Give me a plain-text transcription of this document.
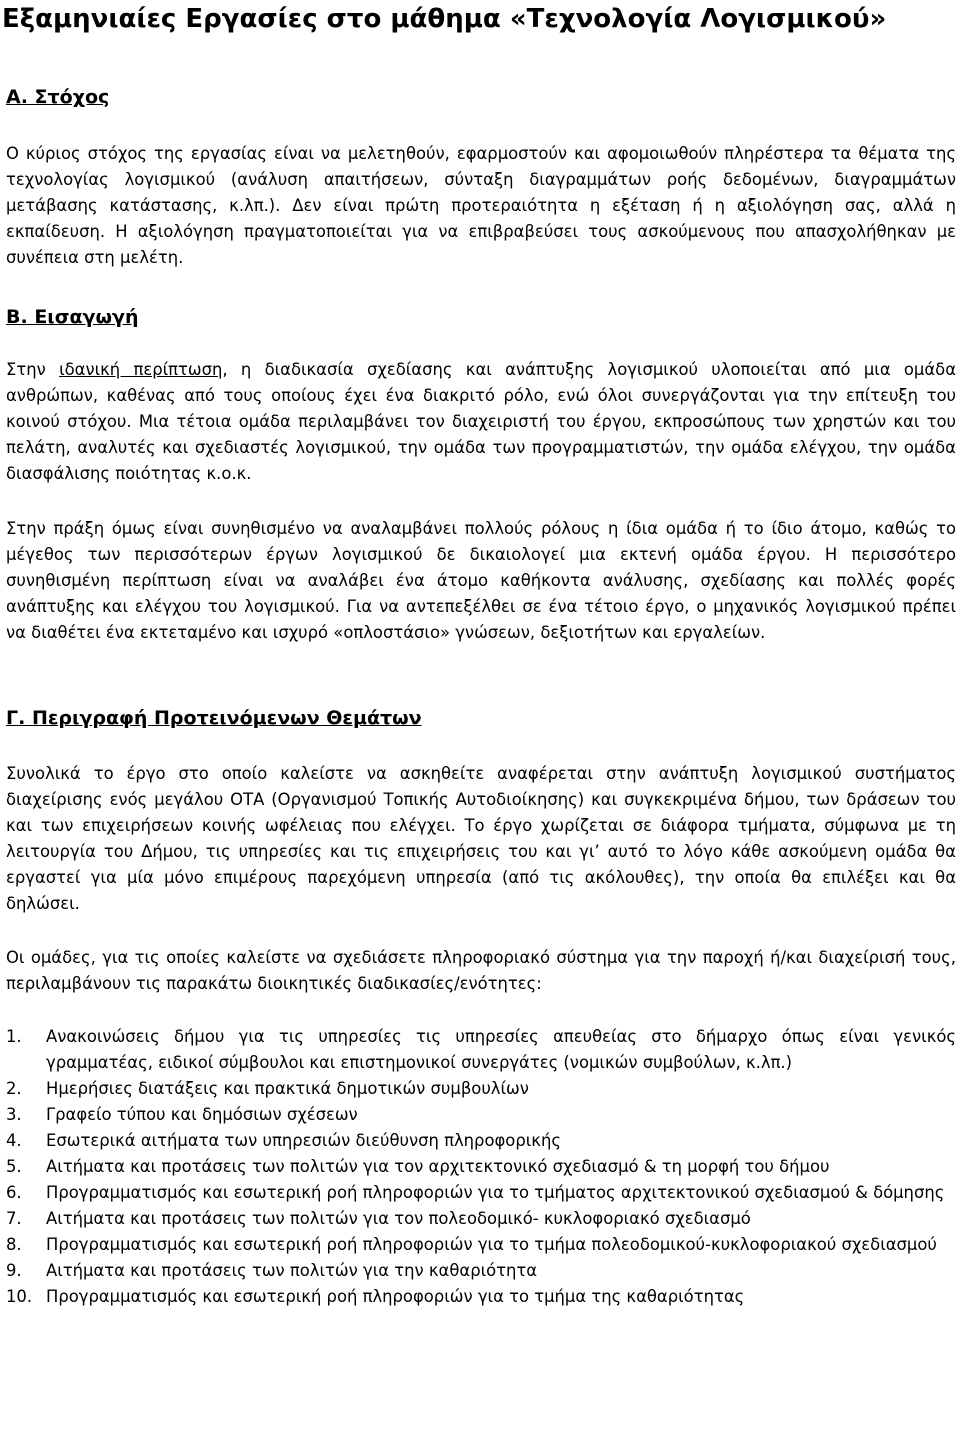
Εξαμηνιαίες Εργασίες στο μάθημα «Τεχνολογία Λογισμικού»
Α. Στόχος
Ο κύριος στόχος της εργασίας είναι να μελετηθούν, εφαρμοστούν και αφομοιωθούν πληρέστερα τα θέματα της τεχνολογίας λογισμικού (ανάλυση απαιτήσεων, σύνταξη διαγραμμάτων ροής δεδομένων, διαγραμμάτων μετάβασης κατάστασης, κ.λπ.). Δεν είναι πρώτη προτεραιότητα η εξέταση ή η αξιολόγηση σας, αλλά η εκπαίδευση. Η αξιολόγηση πραγματοποιείται για να επιβραβεύσει τους ασκούμενους που απασχολήθηκαν με συνέπεια στη μελέτη.
Β. Εισαγωγή
Στην ιδανική περίπτωση, η διαδικασία σχεδίασης και ανάπτυξης λογισμικού υλοποιείται από μια ομάδα ανθρώπων, καθένας από τους οποίους έχει ένα διακριτό ρόλο, ενώ όλοι συνεργάζονται για την επίτευξη του κοινού στόχου. Μια τέτοια ομάδα περιλαμβάνει τον διαχειριστή του έργου, εκπροσώπους των χρηστών και του πελάτη, αναλυτές και σχεδιαστές λογισμικού, την ομάδα των προγραμματιστών, την ομάδα ελέγχου, την ομάδα διασφάλισης ποιότητας κ.ο.κ.
Στην πράξη όμως είναι συνηθισμένο να αναλαμβάνει πολλούς ρόλους η ίδια ομάδα ή το ίδιο άτομο, καθώς το μέγεθος των περισσότερων έργων λογισμικού δε δικαιολογεί μια εκτενή ομάδα έργου. Η περισσότερο συνηθισμένη περίπτωση είναι να αναλάβει ένα άτομο καθήκοντα ανάλυσης, σχεδίασης και πολλές φορές ανάπτυξης και ελέγχου του λογισμικού. Για να αντεπεξέλθει σε ένα τέτοιο έργο, ο μηχανικός λογισμικού πρέπει να διαθέτει ένα εκτεταμένο και ισχυρό «οπλοστάσιο» γνώσεων, δεξιοτήτων και εργαλείων.
Γ. Περιγραφή Προτεινόμενων Θεμάτων
Συνολικά το έργο στο οποίο καλείστε να ασκηθείτε αναφέρεται στην ανάπτυξη λογισμικού συστήματος διαχείρισης ενός μεγάλου ΟΤΑ (Οργανισμού Τοπικής Αυτοδιοίκησης) και συγκεκριμένα δήμου, των δράσεων του και των επιχειρήσεων κοινής ωφέλειας που ελέγχει. Το έργο χωρίζεται σε διάφορα τμήματα, σύμφωνα με τη λειτουργία του Δήμου, τις υπηρεσίες και τις επιχειρήσεις του και γι’ αυτό το λόγο κάθε ασκούμενη ομάδα θα εργαστεί για μία μόνο επιμέρους παρεχόμενη υπηρεσία (από τις ακόλουθες), την οποία θα επιλέξει και θα δηλώσει.
Οι ομάδες, για τις οποίες καλείστε να σχεδιάσετε πληροφοριακό σύστημα για την παροχή ή/και διαχείρισή τους, περιλαμβάνουν τις παρακάτω διοικητικές διαδικασίες/ενότητες:
1. Ανακοινώσεις δήμου για τις υπηρεσίες τις υπηρεσίες απευθείας στο δήμαρχο όπως είναι γενικός γραμματέας, ειδικοί σύμβουλοι και επιστημονικοί συνεργάτες (νομικών συμβούλων, κ.λπ.)
2. Ημερήσιες διατάξεις και πρακτικά δημοτικών συμβουλίων
3. Γραφείο τύπου και δημόσιων σχέσεων
4. Εσωτερικά αιτήματα των υπηρεσιών διεύθυνση πληροφορικής
5. Αιτήματα και προτάσεις των πολιτών για τον αρχιτεκτονικό σχεδιασμό & τη μορφή του δήμου
6. Προγραμματισμός και εσωτερική ροή πληροφοριών για το τμήματος αρχιτεκτονικού σχεδιασμού & δόμησης
7. Αιτήματα και προτάσεις των πολιτών για τον πολεοδομικό- κυκλοφοριακό σχεδιασμό
8. Προγραμματισμός και εσωτερική ροή πληροφοριών για το τμήμα πολεοδομικού-κυκλοφοριακού σχεδιασμού
9. Αιτήματα και προτάσεις των πολιτών για την καθαριότητα
10. Προγραμματισμός και εσωτερική ροή πληροφοριών για το τμήμα της καθαριότητας
